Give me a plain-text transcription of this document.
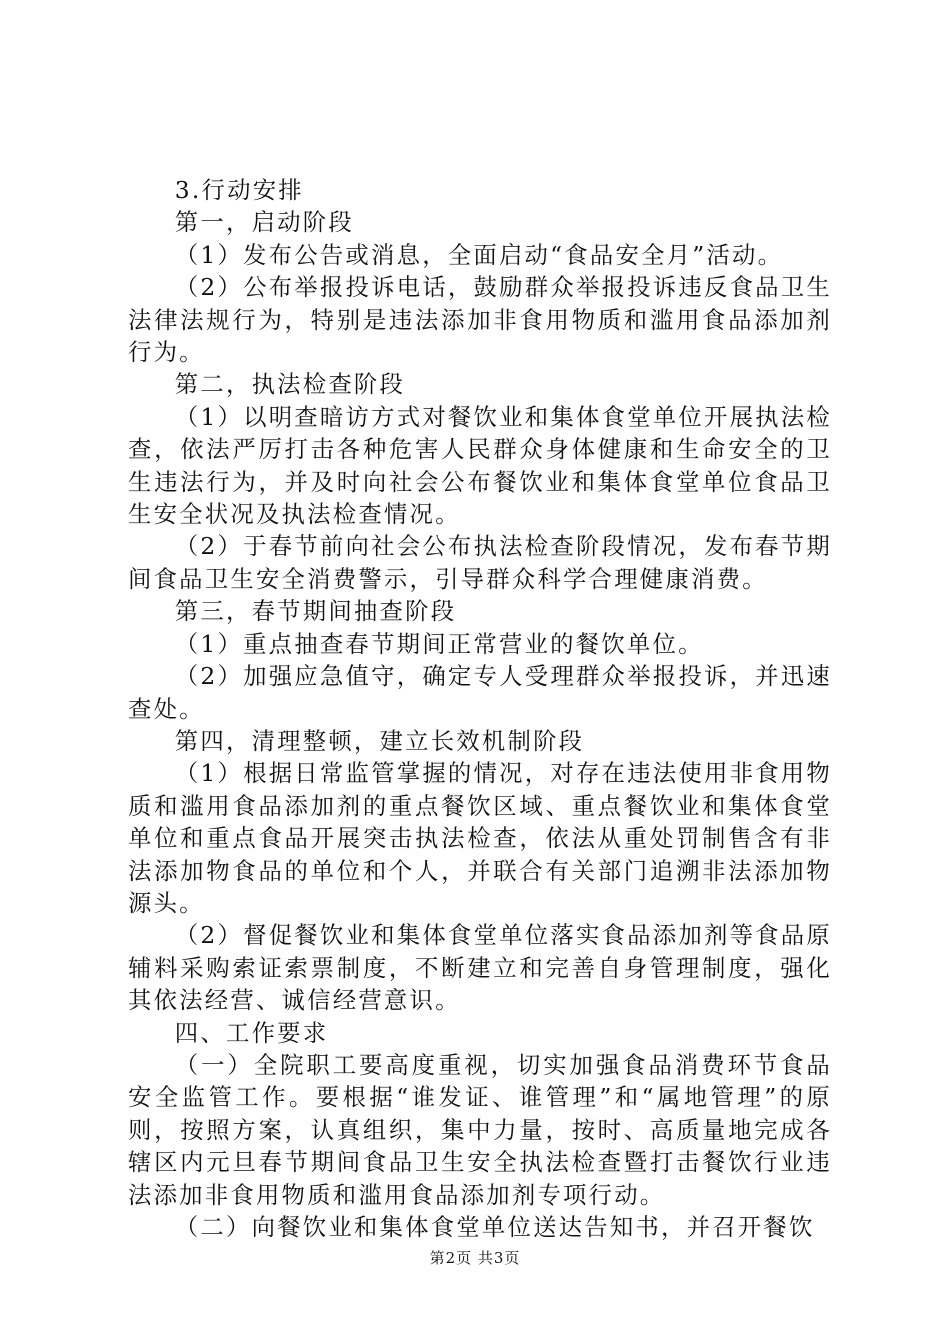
3.行动安排

第一，启动阶段

（1）发布公告或消息，全面启动“食品安全月”活动。

（2）公布举报投诉电话，鼓励群众举报投诉违反食品卫生法律法规行为，特别是违法添加非食用物质和滥用食品添加剂行为。

第二，执法检查阶段

（1）以明查暗访方式对餐饮业和集体食堂单位开展执法检查，依法严厉打击各种危害人民群众身体健康和生命安全的卫生违法行为，并及时向社会公布餐饮业和集体食堂单位食品卫生安全状况及执法检查情况。

（2）于春节前向社会公布执法检查阶段情况，发布春节期间食品卫生安全消费警示，引导群众科学合理健康消费。

第三，春节期间抽查阶段

（1）重点抽查春节期间正常营业的餐饮单位。

（2）加强应急值守，确定专人受理群众举报投诉，并迅速查处。

第四，清理整顿，建立长效机制阶段

（1）根据日常监管掌握的情况，对存在违法使用非食用物质和滥用食品添加剂的重点餐饮区域、重点餐饮业和集体食堂单位和重点食品开展突击执法检查，依法从重处罚制售含有非法添加物食品的单位和个人，并联合有关部门追溯非法添加物源头。

（2）督促餐饮业和集体食堂单位落实食品添加剂等食品原辅料采购索证索票制度，不断建立和完善自身管理制度，强化其依法经营、诚信经营意识。

四、工作要求

（一）全院职工要高度重视，切实加强食品消费环节食品安全监管工作。要根据“谁发证、谁管理”和“属地管理”的原则，按照方案，认真组织，集中力量，按时、高质量地完成各辖区内元旦春节期间食品卫生安全执法检查暨打击餐饮行业违法添加非食用物质和滥用食品添加剂专项行动。

（二）向餐饮业和集体食堂单位送达告知书，并召开餐饮

第2页 共3页
